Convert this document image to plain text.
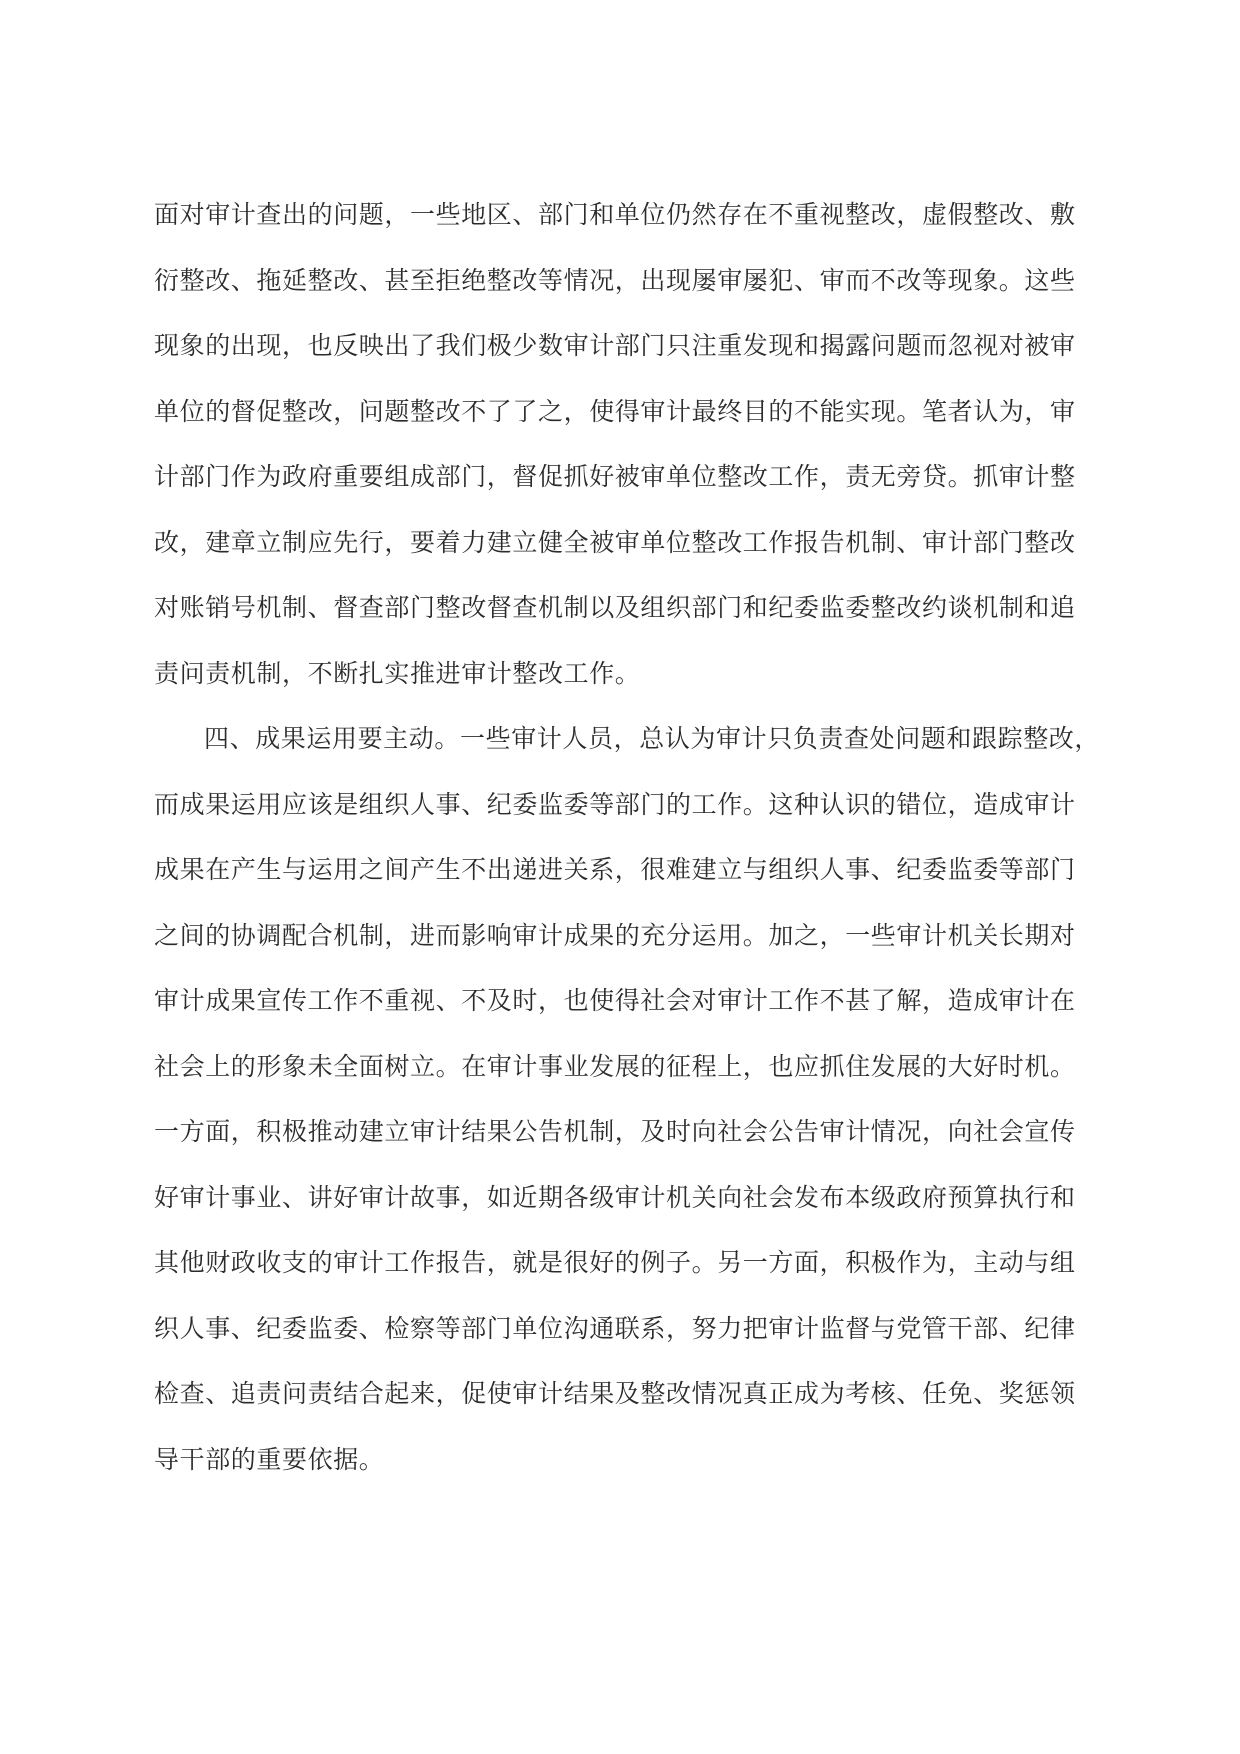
面对审计查出的问题，一些地区、部门和单位仍然存在不重视整改，虚假整改、敷
衍整改、拖延整改、甚至拒绝整改等情况，出现屡审屡犯、审而不改等现象。这些
现象的出现，也反映出了我们极少数审计部门只注重发现和揭露问题而忽视对被审
单位的督促整改，问题整改不了了之，使得审计最终目的不能实现。笔者认为，审
计部门作为政府重要组成部门，督促抓好被审单位整改工作，责无旁贷。抓审计整
改，建章立制应先行，要着力建立健全被审单位整改工作报告机制、审计部门整改
对账销号机制、督查部门整改督查机制以及组织部门和纪委监委整改约谈机制和追
责问责机制，不断扎实推进审计整改工作。
四、成果运用要主动。一些审计人员，总认为审计只负责查处问题和跟踪整改，
而成果运用应该是组织人事、纪委监委等部门的工作。这种认识的错位，造成审计
成果在产生与运用之间产生不出递进关系，很难建立与组织人事、纪委监委等部门
之间的协调配合机制，进而影响审计成果的充分运用。加之，一些审计机关长期对
审计成果宣传工作不重视、不及时，也使得社会对审计工作不甚了解，造成审计在
社会上的形象未全面树立。在审计事业发展的征程上，也应抓住发展的大好时机。
一方面，积极推动建立审计结果公告机制，及时向社会公告审计情况，向社会宣传
好审计事业、讲好审计故事，如近期各级审计机关向社会发布本级政府预算执行和
其他财政收支的审计工作报告，就是很好的例子。另一方面，积极作为，主动与组
织人事、纪委监委、检察等部门单位沟通联系，努力把审计监督与党管干部、纪律
检查、追责问责结合起来，促使审计结果及整改情况真正成为考核、任免、奖惩领
导干部的重要依据。
